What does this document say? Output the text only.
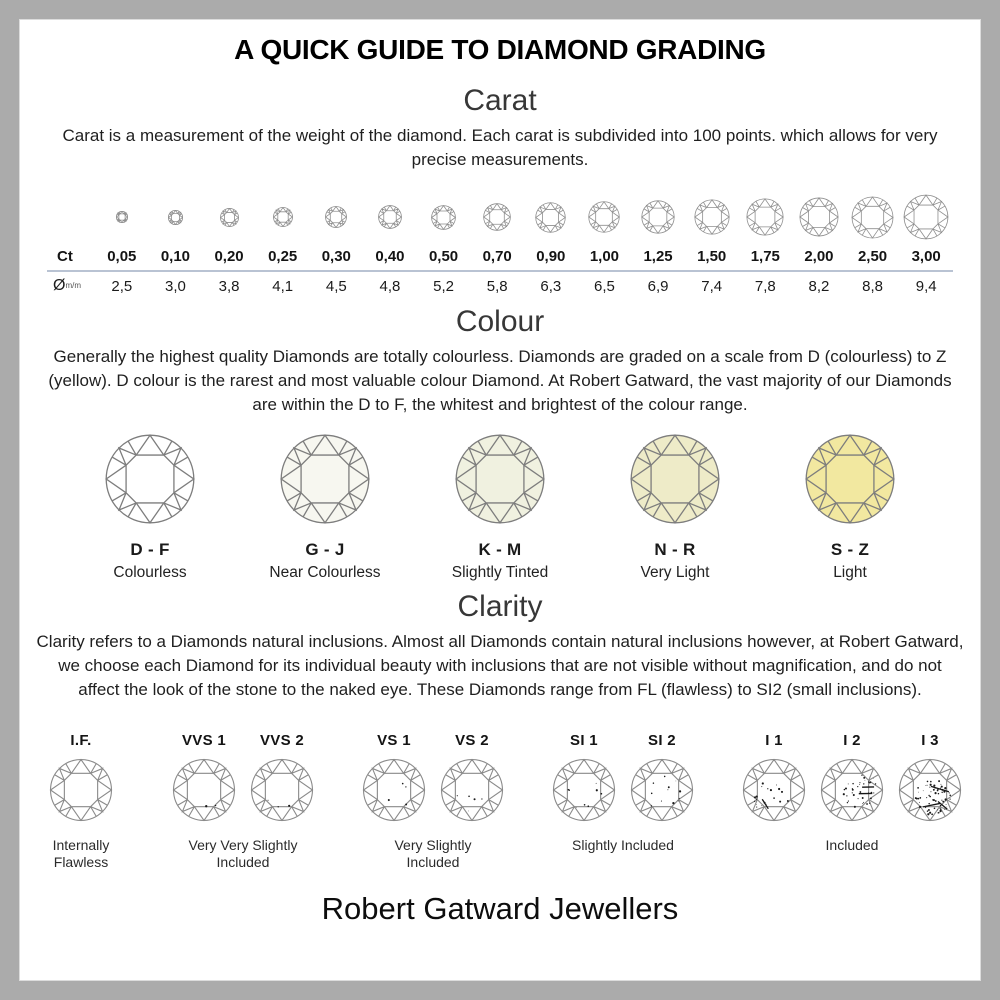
A QUICK GUIDE TO DIAMOND GRADING
Carat

Carat is a measurement of the weight of the diamond. Each carat is subdivided into 100 points. which allows for very precise measurements.

Ct	0,05	0,10	0,20	0,25	0,30	0,40	0,50	0,70	0,90	1,00	1,25	1,50	1,75	2,00	2,50	3,00
Øm/m	2,5	3,0	3,8	4,1	4,5	4,8	5,2	5,8	6,3	6,5	6,9	7,4	7,8	8,2	8,8	9,4
Colour

Generally the highest quality Diamonds are totally colourless. Diamonds are graded on a scale from D (colourless) to Z (yellow). D colour is the rarest and most valuable colour Diamond. At Robert Gatward, the vast majority of our Diamonds are within the D to F, the whitest and brightest of the colour range.

D - F
Colourless
G - J
Near Colourless
K - M
Slightly Tinted
N - R
Very Light
S - Z
Light
Clarity

Clarity refers to a Diamonds natural inclusions. Almost all Diamonds contain natural inclusions however, at Robert Gatward, we choose each Diamond for its individual beauty with inclusions that are not visible without magnification, and do not affect the look of the stone to the naked eye. These Diamonds range from FL (flawless) to SI2 (small inclusions).

I.F.
Internally Flawless
VVS 1	VVS 2
Very Very Slightly Included
VS 1	VS 2
Very Slightly Included
SI 1	SI 2
Slightly Included
I 1	I 2	I 3
Included
Robert Gatward Jewellers
